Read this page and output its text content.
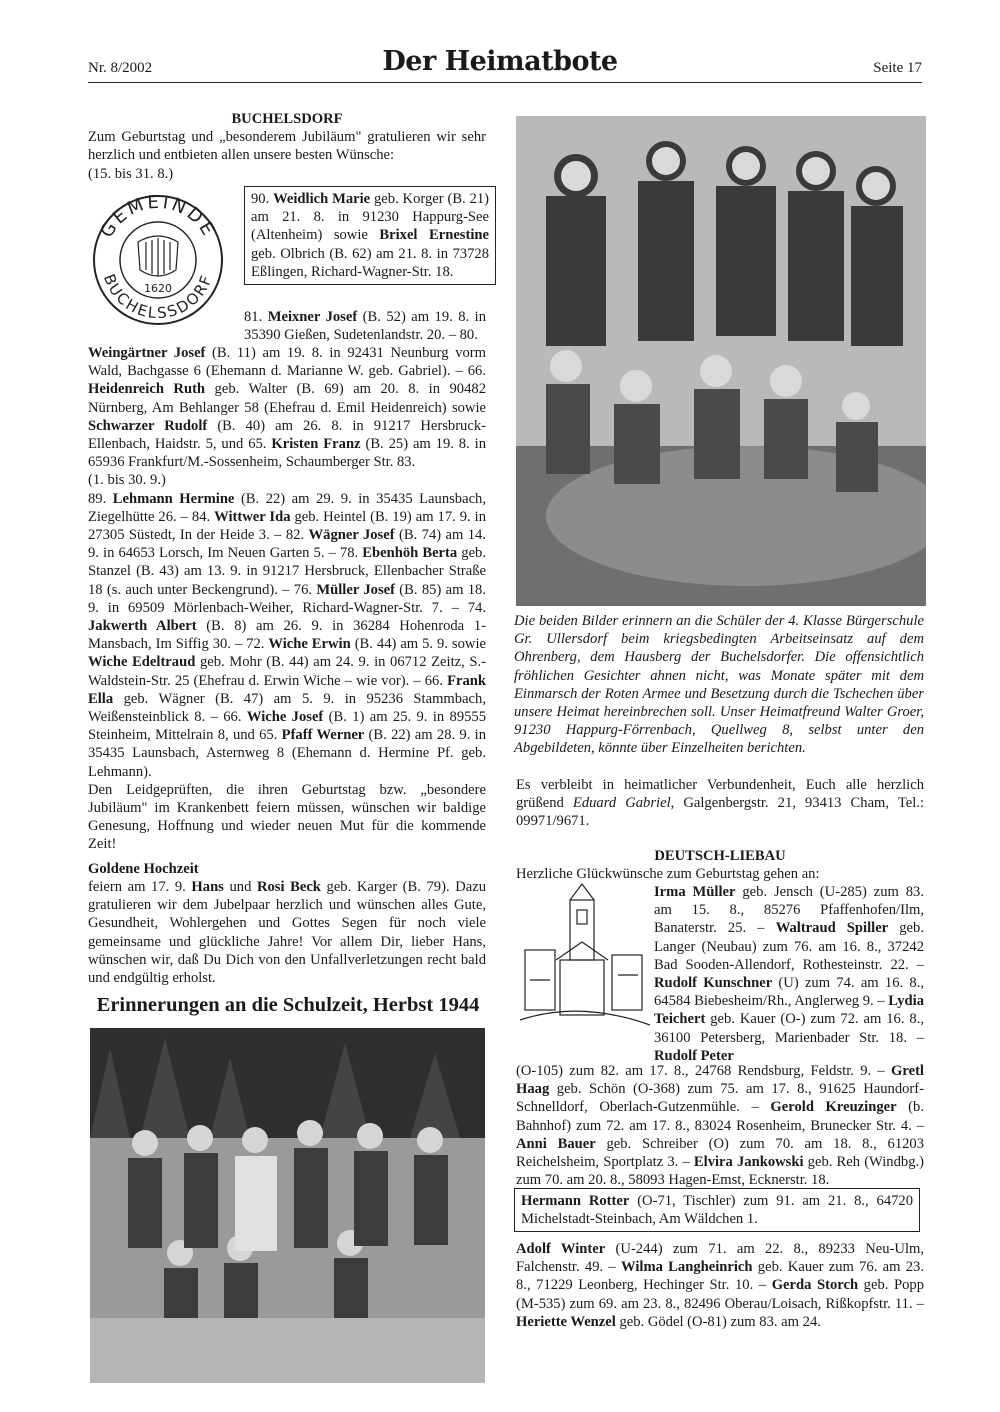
Nr. 8/2002	Der Heimatbote	Seite 17

BUCHELSDORF

Zum Geburtstag und „besonderem Jubiläum" gratulieren wir sehr herzlich und entbieten allen unsere besten Wünsche:

(15. bis 31. 8.)

GEMEINDE
BUCHELSSDORF
1620
90. Weidlich Marie geb. Korger (B. 21) am 21. 8. in 91230 Happurg-See (Altenheim) sowie Brixel Ernestine geb. Olbrich (B. 62) am 21. 8. in 73728 Eßlingen, Richard-Wagner-Str. 18.
81. Meixner Josef (B. 52) am 19. 8. in 35390 Gießen, Sudetenlandstr. 20. – 80.

Weingärtner Josef (B. 11) am 19. 8. in 92431 Neunburg vorm Wald, Bachgasse 6 (Ehemann d. Marianne W. geb. Gabriel). – 66. Heidenreich Ruth geb. Walter (B. 69) am 20. 8. in 90482 Nürnberg, Am Behlanger 58 (Ehefrau d. Emil Heidenreich) sowie Schwarzer Rudolf (B. 40) am 26. 8. in 91217 Hersbruck-Ellenbach, Haidstr. 5, und 65. Kristen Franz (B. 25) am 19. 8. in 65936 Frankfurt/M.-Sossenheim, Schaumberger Str. 83.

(1. bis 30. 9.)

89. Lehmann Hermine (B. 22) am 29. 9. in 35435 Launsbach, Ziegelhütte 26. – 84. Wittwer Ida geb. Heintel (B. 19) am 17. 9. in 27305 Süstedt, In der Heide 3. – 82. Wägner Josef (B. 74) am 14. 9. in 64653 Lorsch, Im Neuen Garten 5. – 78. Ebenhöh Berta geb. Stanzel (B. 43) am 13. 9. in 91217 Hersbruck, Ellenbacher Straße 18 (s. auch unter Beckengrund). – 76. Müller Josef (B. 85) am 18. 9. in 69509 Mörlenbach-Weiher, Richard-Wagner-Str. 7. – 74. Jakwerth Albert (B. 8) am 26. 9. in 36284 Hohenroda 1-Mansbach, Im Siffig 30. – 72. Wiche Erwin (B. 44) am 5. 9. sowie Wiche Edeltraud geb. Mohr (B. 44) am 24. 9. in 06712 Zeitz, S.-Waldstein-Str. 25 (Ehefrau d. Erwin Wiche – wie vor). – 66. Frank Ella geb. Wägner (B. 47) am 5. 9. in 95236 Stammbach, Weißensteinblick 8. – 66. Wiche Josef (B. 1) am 25. 9. in 89555 Steinheim, Mittelrain 8, und 65. Pfaff Werner (B. 22) am 28. 9. in 35435 Launsbach, Asternweg 8 (Ehemann d. Hermine Pf. geb. Lehmann).

Den Leidgeprüften, die ihren Geburtstag bzw. „besondere Jubiläum" im Krankenbett feiern müssen, wünschen wir baldige Genesung, Hoffnung und wieder neuen Mut für die kommende Zeit!

Goldene Hochzeit

feiern am 17. 9. Hans und Rosi Beck geb. Karger (B. 79). Dazu gratulieren wir dem Jubelpaar herzlich und wünschen alles Gute, Gesundheit, Wohlergehen und Gottes Segen für noch viele gemeinsame und glückliche Jahre! Vor allem Dir, lieber Hans, wünschen wir, daß Du Dich von den Unfallverletzungen recht bald und endgültig erholst.

Erinnerungen an die Schulzeit, Herbst 1944
Die beiden Bilder erinnern an die Schüler der 4. Klasse Bürgerschule Gr. Ullersdorf beim kriegsbedingten Arbeitseinsatz auf dem Ohrenberg, dem Hausberg der Buchelsdorfer. Die offensichtlich fröhlichen Gesichter ahnen nicht, was Monate später mit dem Einmarsch der Roten Armee und Besetzung durch die Tschechen über unsere Heimat hereinbrechen soll. Unser Heimatfreund Walter Groer, 91230 Happurg-Förrenbach, Quellweg 8, selbst unter den Abgebildeten, könnte über Einzelheiten berichten.
Es verbleibt in heimatlicher Verbundenheit, Euch alle herzlich grüßend Eduard Gabriel, Galgenbergstr. 21, 93413 Cham, Tel.: 09971/9671.

DEUTSCH-LIEBAU

Herzliche Glückwünsche zum Geburtstag gehen an:

Irma Müller geb. Jensch (U-285) zum 83. am 15. 8., 85276 Pfaffenhofen/Ilm, Banaterstr. 25. – Waltraud Spiller geb. Langer (Neubau) zum 76. am 16. 8., 37242 Bad Sooden-Allendorf, Rothesteinstr. 22. – Rudolf Kunschner (U) zum 74. am 16. 8., 64584 Biebesheim/Rh., Anglerweg 9. – Lydia Teichert geb. Kauer (O-) zum 72. am 16. 8., 36100 Petersberg, Marienbader Str. 18. – Rudolf Peter
(O-105) zum 82. am 17. 8., 24768 Rendsburg, Feldstr. 9. – Gretl Haag geb. Schön (O-368) zum 75. am 17. 8., 91625 Haundorf-Schnelldorf, Oberlach-Gutzenmühle. – Gerold Kreuzinger (b. Bahnhof) zum 72. am 17. 8., 83024 Rosenheim, Brunecker Str. 4. – Anni Bauer geb. Schreiber (O) zum 70. am 18. 8., 61203 Reichelsheim, Sportplatz 3. – Elvira Jankowski geb. Reh (Windbg.) zum 70. am 20. 8., 58093 Hagen-Emst, Ecknerstr. 18.
Hermann Rotter (O-71, Tischler) zum 91. am 21. 8., 64720 Michelstadt-Steinbach, Am Wäldchen 1.
Adolf Winter (U-244) zum 71. am 22. 8., 89233 Neu-Ulm, Falchenstr. 49. – Wilma Langheinrich geb. Kauer zum 76. am 23. 8., 71229 Leonberg, Hechinger Str. 10. – Gerda Storch geb. Popp (M-535) zum 69. am 23. 8., 82496 Oberau/Loisach, Rißkopfstr. 11. – Heriette Wenzel geb. Gödel (O-81) zum 83. am 24.
